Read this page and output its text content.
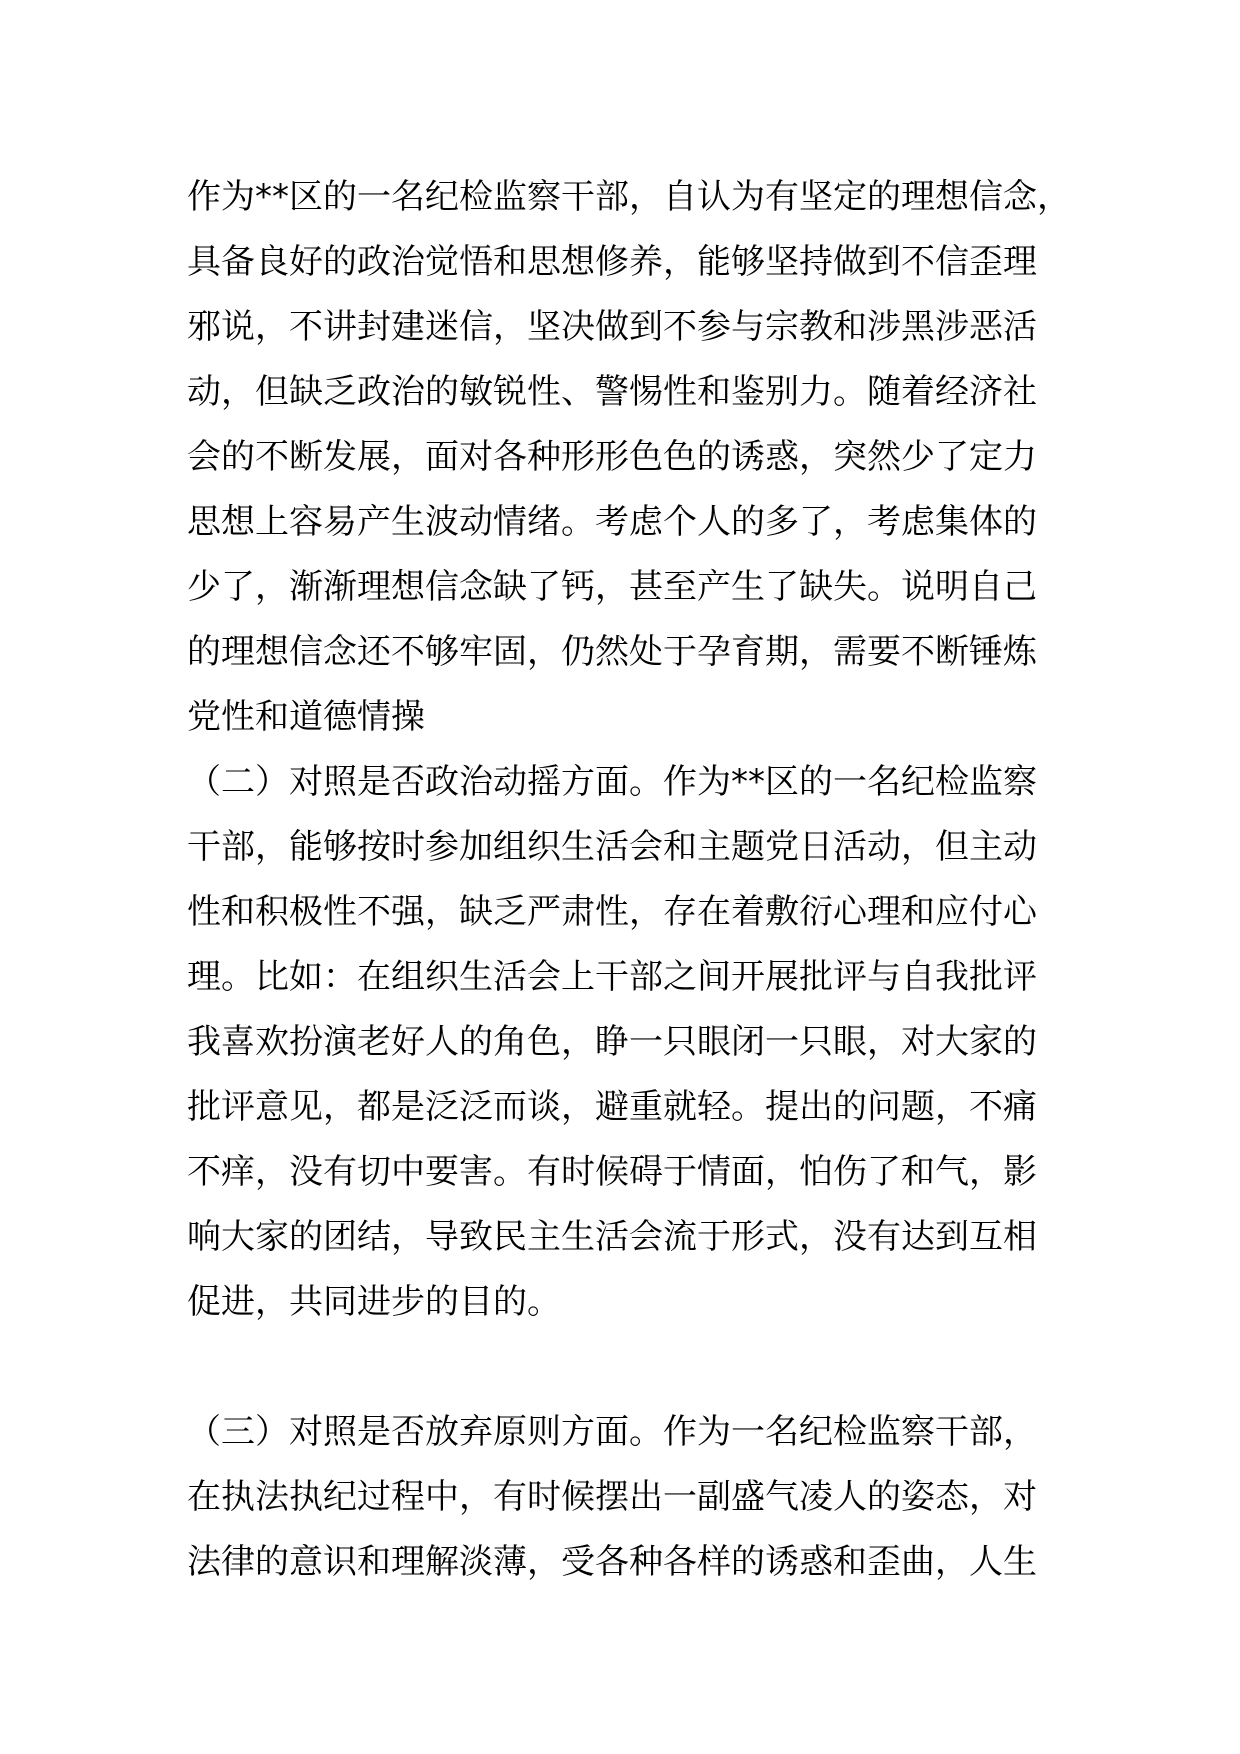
作为**区的一名纪检监察干部，自认为有坚定的理想信念，
具备良好的政治觉悟和思想修养，能够坚持做到不信歪理
邪说，不讲封建迷信，坚决做到不参与宗教和涉黑涉恶活
动，但缺乏政治的敏锐性、警惕性和鉴别力。随着经济社
会的不断发展，面对各种形形色色的诱惑，突然少了定力
思想上容易产生波动情绪。考虑个人的多了，考虑集体的
少了，渐渐理想信念缺了钙，甚至产生了缺失。说明自己
的理想信念还不够牢固，仍然处于孕育期，需要不断锤炼
党性和道德情操
（二）对照是否政治动摇方面。作为**区的一名纪检监察
干部，能够按时参加组织生活会和主题党日活动，但主动
性和积极性不强，缺乏严肃性，存在着敷衍心理和应付心
理。比如：在组织生活会上干部之间开展批评与自我批评
我喜欢扮演老好人的角色，睁一只眼闭一只眼，对大家的
批评意见，都是泛泛而谈，避重就轻。提出的问题，不痛
不痒，没有切中要害。有时候碍于情面，怕伤了和气，影
响大家的团结，导致民主生活会流于形式，没有达到互相
促进，共同进步的目的。
（三）对照是否放弃原则方面。作为一名纪检监察干部，
在执法执纪过程中，有时候摆出一副盛气凌人的姿态，对
法律的意识和理解淡薄，受各种各样的诱惑和歪曲，人生
